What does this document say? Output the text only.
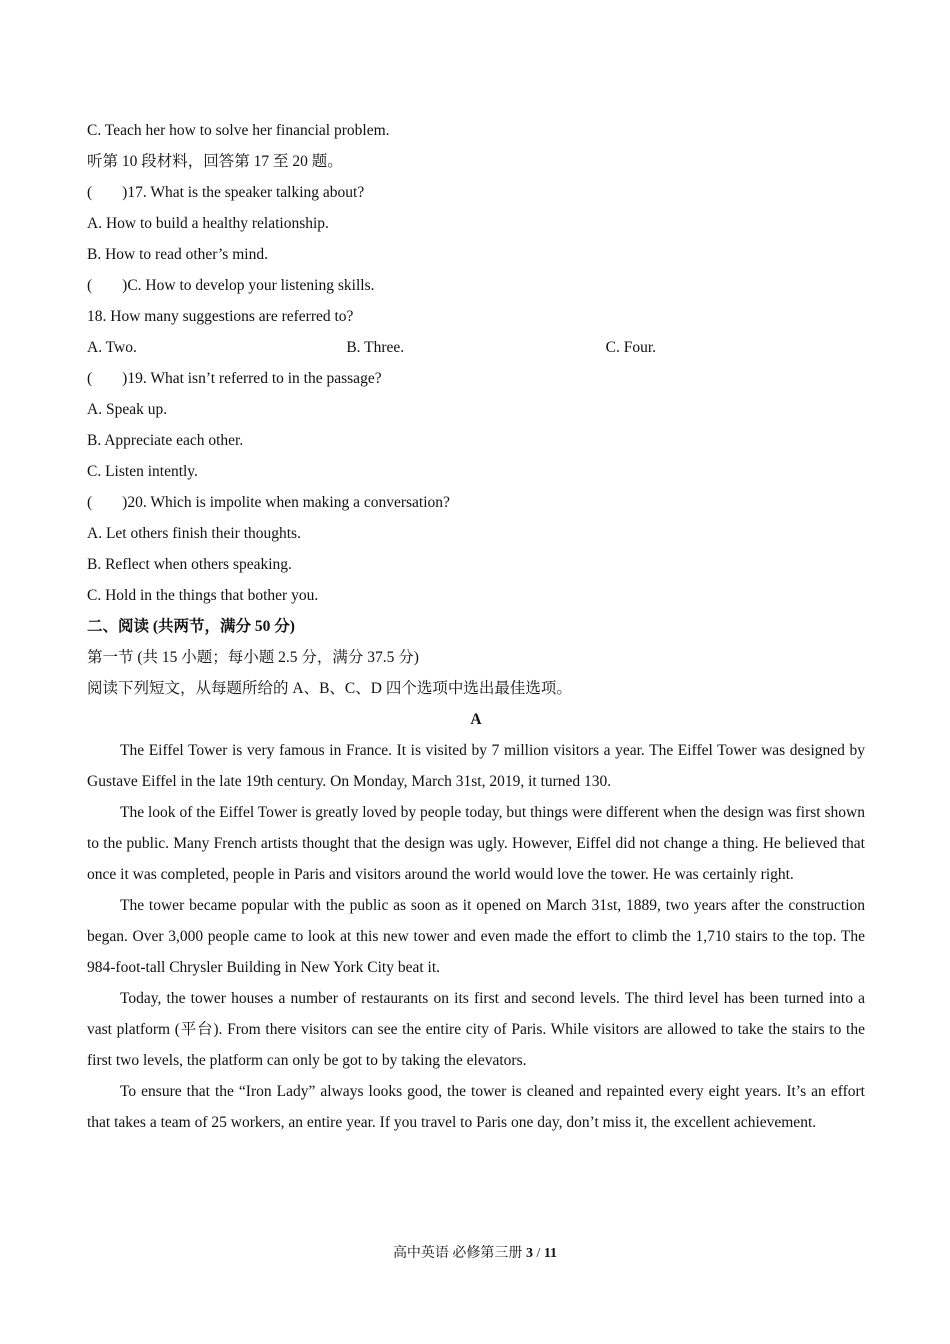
C. Teach her how to solve her financial problem.
听第 10 段材料，回答第 17 至 20 题。
( )17. What is the speaker talking about?
A. How to build a healthy relationship.
B. How to read other’s mind.
( )C. How to develop your listening skills.
18. How many suggestions are referred to?
A. Two.	B. Three.	C. Four.
( )19. What isn’t referred to in the passage?
A. Speak up.
B. Appreciate each other.
C. Listen intently.
( )20. Which is impolite when making a conversation?
A. Let others finish their thoughts.
B. Reflect when others speaking.
C. Hold in the things that bother you.
二、阅读 (共两节，满分 50 分)
第一节 (共 15 小题；每小题 2.5 分，满分 37.5 分)
阅读下列短文，从每题所给的 A、B、C、D 四个选项中选出最佳选项。
A

The Eiffel Tower is very famous in France. It is visited by 7 million visitors a year. The Eiffel Tower was designed by Gustave Eiffel in the late 19th century. On Monday, March 31st, 2019, it turned 130.

The look of the Eiffel Tower is greatly loved by people today, but things were different when the design was first shown to the public. Many French artists thought that the design was ugly. However, Eiffel did not change a thing. He believed that once it was completed, people in Paris and visitors around the world would love the tower. He was certainly right.

The tower became popular with the public as soon as it opened on March 31st, 1889, two years after the construction began. Over 3,000 people came to look at this new tower and even made the effort to climb the 1,710 stairs to the top. The 984-foot-tall Chrysler Building in New York City beat it.

Today, the tower houses a number of restaurants on its first and second levels. The third level has been turned into a vast platform (平台). From there visitors can see the entire city of Paris. While visitors are allowed to take the stairs to the first two levels, the platform can only be got to by taking the elevators.

To ensure that the “Iron Lady” always looks good, the tower is cleaned and repainted every eight years. It’s an effort that takes a team of 25 workers, an entire year. If you travel to Paris one day, don’t miss it, the excellent achievement.

高中英语 必修第三册 3 / 11
